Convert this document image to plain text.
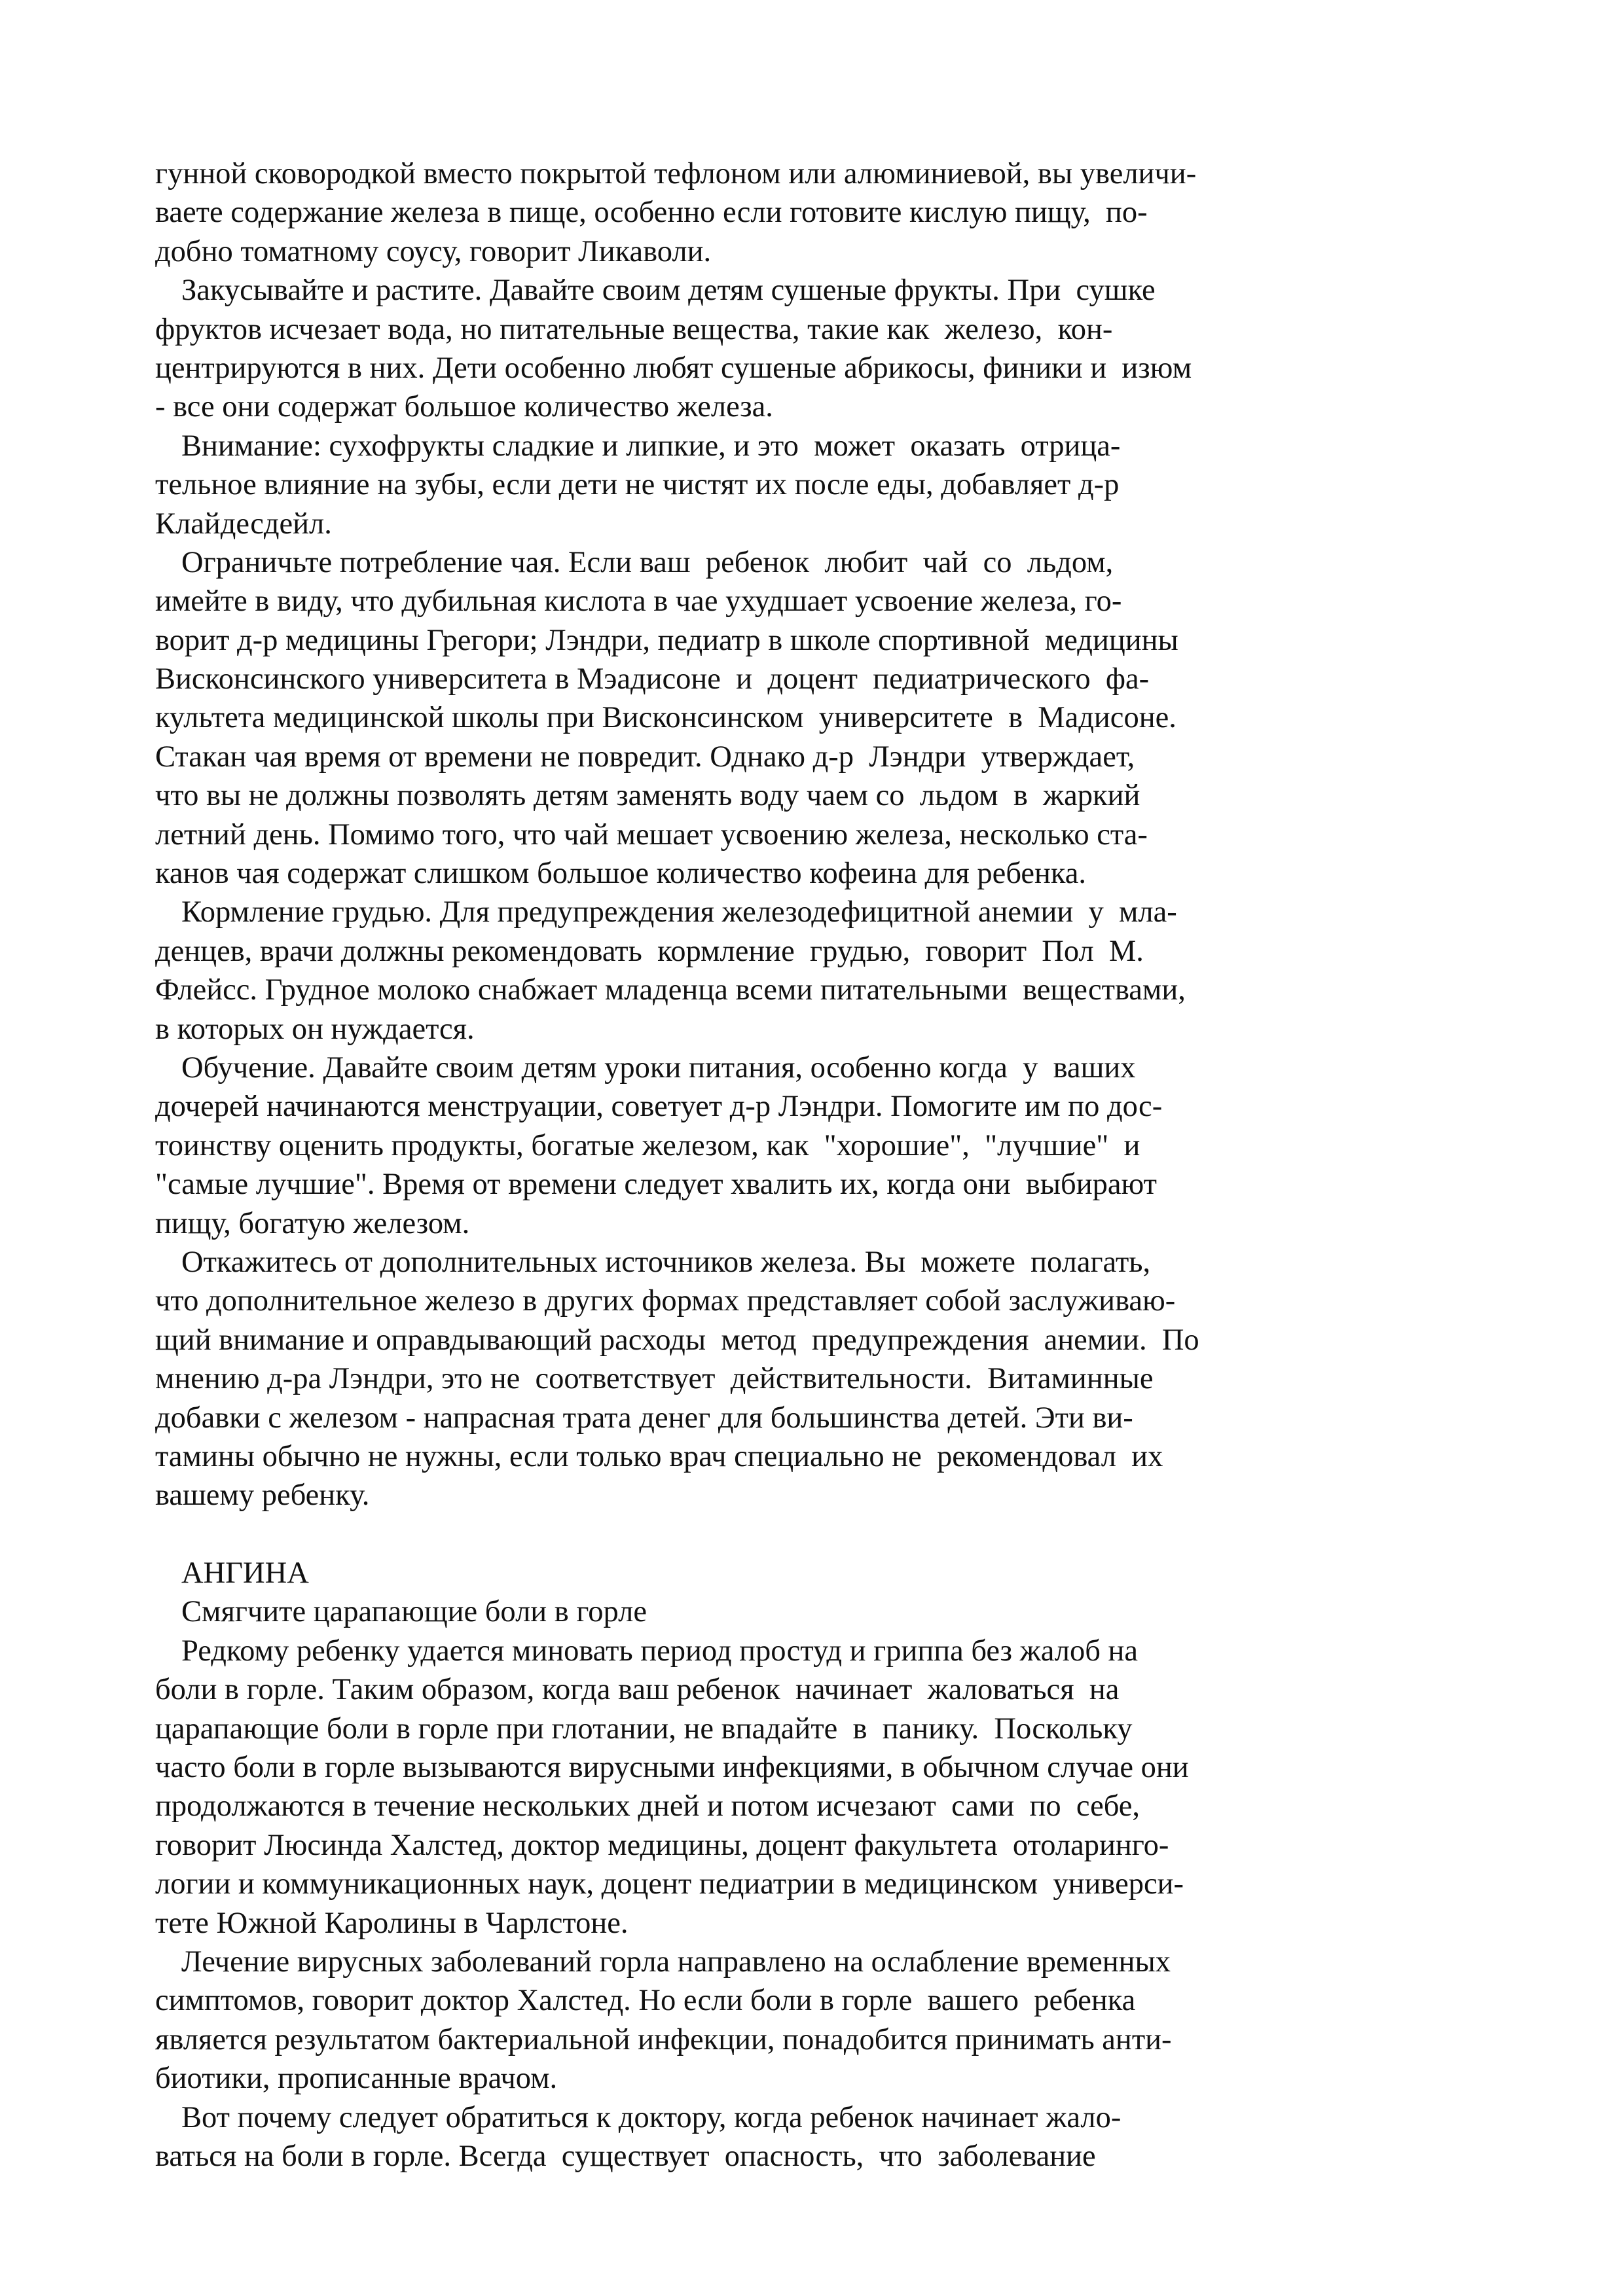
гунной сковородкой вместо покрытой тефлоном или алюминиевой, вы увеличи-
ваете содержание железа в пище, особенно если готовите кислую пищу,  по-
добно томатному соусу, говорит Ликаволи.
Закусывайте и растите. Давайте своим детям сушеные фрукты. При  сушке
фруктов исчезает вода, но питательные вещества, такие как  железо,  кон-
центрируются в них. Дети особенно любят сушеные абрикосы, финики и  изюм
- все они содержат большое количество железа.
Внимание: сухофрукты сладкие и липкие, и это  может  оказать  отрица-
тельное влияние на зубы, если дети не чистят их после еды, добавляет д-р
Клайдесдейл.
Ограничьте потребление чая. Если ваш  ребенок  любит  чай  со  льдом,
имейте в виду, что дубильная кислота в чае ухудшает усвоение железа, го-
ворит д-р медицины Грегори; Лэндри, педиатр в школе спортивной  медицины
Висконсинского университета в Мэадисоне  и  доцент  педиатрического  фа-
культета медицинской школы при Висконсинском  университете  в  Мадисоне.
Стакан чая время от времени не повредит. Однако д-р  Лэндри  утверждает,
что вы не должны позволять детям заменять воду чаем со  льдом  в  жаркий
летний день. Помимо того, что чай мешает усвоению железа, несколько ста-
канов чая содержат слишком большое количество кофеина для ребенка.
Кормление грудью. Для предупреждения железодефицитной анемии  у  мла-
денцев, врачи должны рекомендовать  кормление  грудью,  говорит  Пол  М.
Флейсс. Грудное молоко снабжает младенца всеми питательными  веществами,
в которых он нуждается.
Обучение. Давайте своим детям уроки питания, особенно когда  у  ваших
дочерей начинаются менструации, советует д-р Лэндри. Помогите им по дос-
тоинству оценить продукты, богатые железом, как  "хорошие",  "лучшие"  и
"самые лучшие". Время от времени следует хвалить их, когда они  выбирают
пищу, богатую железом.
Откажитесь от дополнительных источников железа. Вы  можете  полагать,
что дополнительное железо в других формах представляет собой заслуживаю-
щий внимание и оправдывающий расходы  метод  предупреждения  анемии.  По
мнению д-ра Лэндри, это не  соответствует  действительности.  Витаминные
добавки с железом - напрасная трата денег для большинства детей. Эти ви-
тамины обычно не нужны, если только врач специально не  рекомендовал  их
вашему ребенку.
АНГИНА
Смягчите царапающие боли в горле
Редкому ребенку удается миновать период простуд и гриппа без жалоб на
боли в горле. Таким образом, когда ваш ребенок  начинает  жаловаться  на
царапающие боли в горле при глотании, не впадайте  в  панику.  Поскольку
часто боли в горле вызываются вирусными инфекциями, в обычном случае они
продолжаются в течение нескольких дней и потом исчезают  сами  по  себе,
говорит Люсинда Халстед, доктор медицины, доцент факультета  отоларинго-
логии и коммуникационных наук, доцент педиатрии в медицинском  универси-
тете Южной Каролины в Чарлстоне.
Лечение вирусных заболеваний горла направлено на ослабление временных
симптомов, говорит доктор Халстед. Но если боли в горле  вашего  ребенка
является результатом бактериальной инфекции, понадобится принимать анти-
биотики, прописанные врачом.
Вот почему следует обратиться к доктору, когда ребенок начинает жало-
ваться на боли в горле. Всегда  существует  опасность,  что  заболевание
